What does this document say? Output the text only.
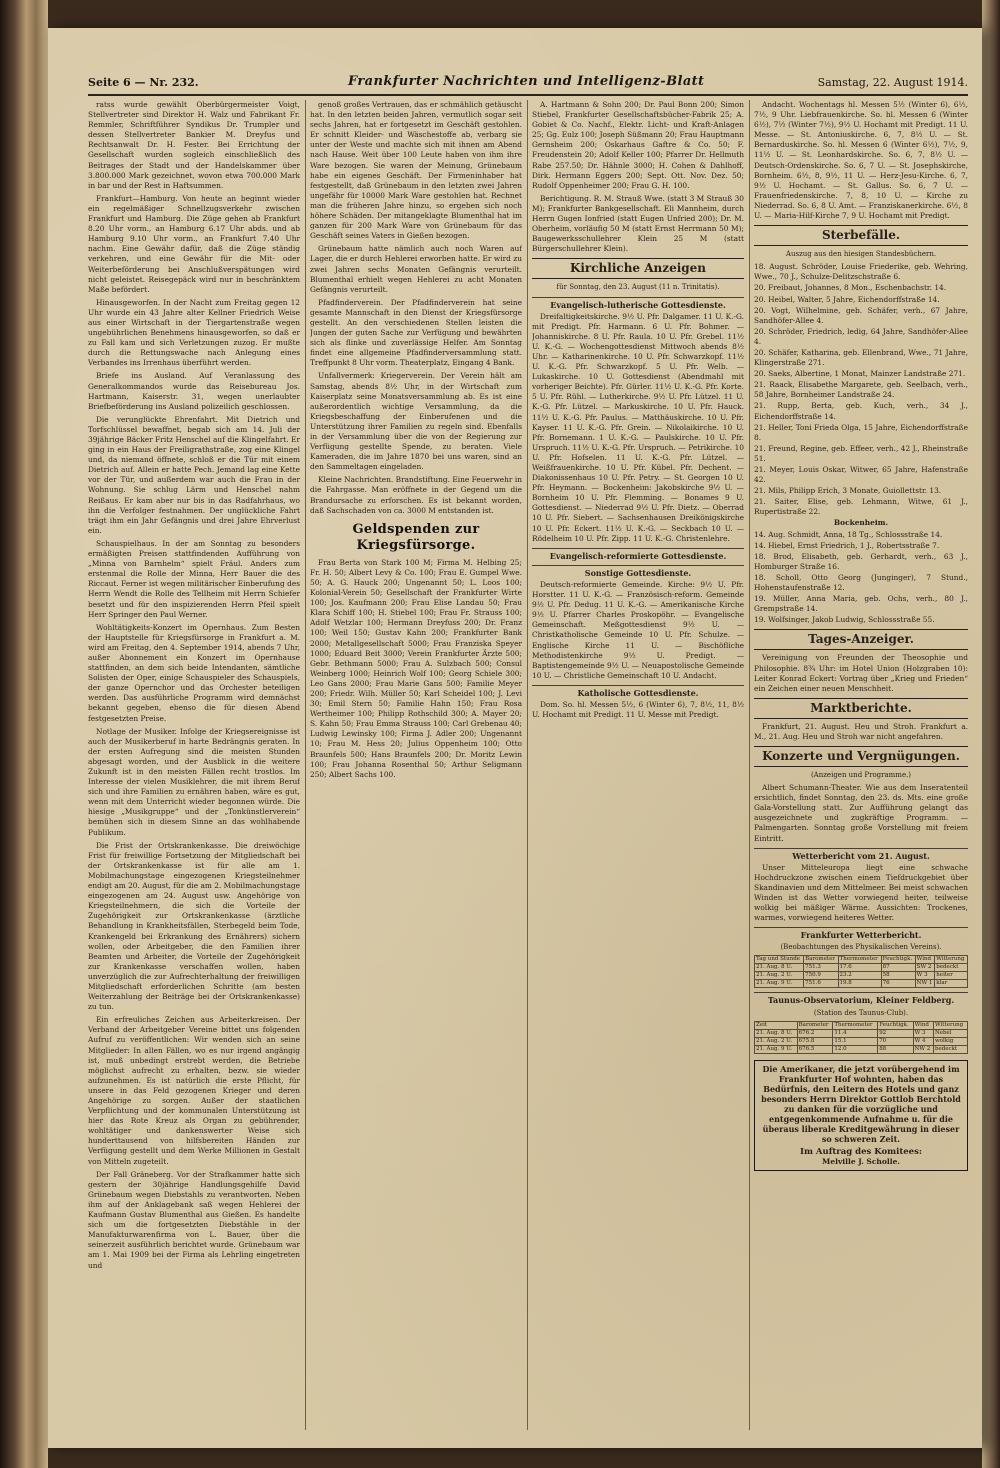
Seite 6 — Nr. 232.	Frankfurter Nachrichten und Intelligenz-Blatt	Samstag, 22. August 1914.

ratss wurde gewählt Oberbürgermeister Voigt, Stellvertreter sind Direktor H. Walz und Fabrikant Fr. Remmler, Schriftführer Syndikus Dr. Trumpler und dessen Stellvertreter Bankier M. Dreyfus und Rechtsanwalt Dr. H. Fester. Bei Errichtung der Gesellschaft wurden sogleich einschließlich des Beitrages der Stadt und der Handelskammer über 3.800.000 Mark gezeichnet, wovon etwa 700.000 Mark in bar und der Rest in Haftsummen.

Frankfurt—Hamburg. Von heute an beginnt wieder ein regelmäßiger Schnellzugsverkehr zwischen Frankfurt und Hamburg. Die Züge gehen ab Frankfurt 8.20 Uhr vorm., an Hamburg 6.17 Uhr abds. und ab Hamburg 9.10 Uhr vorm., an Frankfurt 7.40 Uhr nachm. Eine Gewähr dafür, daß die Züge ständig verkehren, und eine Gewähr für die Mit- oder Weiterbeförderung bei Anschlußverspätungen wird nicht geleistet. Reisegepäck wird nur in beschränktem Maße befördert.

Hinausgeworfen. In der Nacht zum Freitag gegen 12 Uhr wurde ein 43 Jahre alter Kellner Friedrich Weise aus einer Wirtschaft in der Tiergartenstraße wegen ungebührlichen Benehmens hinausgeworfen, so daß er zu Fall kam und sich Verletzungen zuzog. Er mußte durch die Rettungswache nach Anlegung eines Verbandes ins Irrenhaus überführt werden.

Briefe ins Ausland. Auf Veranlassung des Generalkommandos wurde das Reisebureau Jos. Hartmann, Kaiserstr. 31, wegen unerlaubter Briefbeförderung ins Ausland polizeilich geschlossen.

Die verunglückte Ehrenfahrt. Mit Dietrich und Torfschlüssel bewaffnet, begab sich am 14. Juli der 39jährige Bäcker Fritz Henschel auf die Klingelfahrt. Er ging in ein Haus der Freiligrathstraße, zog eine Klingel und, da niemand öffnete, schloß er die Tür mit einem Dietrich auf. Allein er hatte Pech. Jemand lag eine Kette vor der Tür, und außerdem war auch die Frau in der Wohnung. Sie schlug Lärm und Henschel nahm Reißaus. Er kam aber nur bis in das Radfahrhaus, wo ihn die Verfolger festnahmen. Der unglückliche Fahrt trägt ihm ein Jahr Gefängnis und drei Jahre Ehrverlust ein.

Schauspielhaus. In der am Sonntag zu besonders ermäßigten Preisen stattfindenden Aufführung von „Minna von Barnhelm“ spielt Fräul. Anders zum erstenmal die Rolle der Minna, Herr Bauer die des Riccaut. Ferner ist wegen militärischer Einberufung des Herrn Wendt die Rolle des Tellheim mit Herrn Schiefer besetzt und für den inspizierenden Herrn Pfeil spielt Herr Springer den Paul Werner.

Wohltätigkeits-Konzert im Opernhaus. Zum Besten der Hauptstelle für Kriegsfürsorge in Frankfurt a. M. wird am Freitag, den 4. September 1914, abends 7 Uhr, außer Abonnement ein Konzert im Opernhause stattfinden, an dem sich beide Intendanten, sämtliche Solisten der Oper, einige Schauspieler des Schauspiels, der ganze Opernchor und das Orchester beteiligen werden. Das ausführliche Programm wird demnächst bekannt gegeben, ebenso die für diesen Abend festgesetzten Preise.

Notlage der Musiker. Infolge der Kriegsereignisse ist auch der Musikerberuf in harte Bedrängnis geraten. In der ersten Aufregung sind die meisten Stunden abgesagt worden, und der Ausblick in die weitere Zukunft ist in den meisten Fällen recht trostlos. Im Interesse der vielen Musiklehrer, die mit ihrem Beruf sich und ihre Familien zu ernähren haben, wäre es gut, wenn mit dem Unterricht wieder begonnen würde. Die hiesige „Musikgruppe“ und der „Tonkünstlerverein“ bemühen sich in diesem Sinne an das wohlhabende Publikum.

Die Frist der Ortskrankenkasse. Die dreiwöchige Frist für freiwillige Fortsetzung der Mitgliedschaft bei der Ortskrankenkasse ist für alle am 1. Mobilmachungstage eingezogenen Kriegsteilnehmer endigt am 20. August, für die am 2. Mobilmachungstage eingezogenen am 24. August usw. Angehörige von Kriegsteilnehmern, die sich die Vorteile der Zugehörigkeit zur Ortskrankenkasse (ärztliche Behandlung in Krankheitsfällen, Sterbegeld beim Tode, Krankengeld bei Erkrankung des Ernährers) sichern wollen, oder Arbeitgeber, die den Familien ihrer Beamten und Arbeiter, die Vorteile der Zugehörigkeit zur Krankenkasse verschaffen wollen, haben unverzüglich die zur Aufrechterhaltung der freiwilligen Mitgliedschaft erforderlichen Schritte (am besten Weiterzahlung der Beiträge bei der Ortskrankenkasse) zu tun.

Ein erfreuliches Zeichen aus Arbeiterkreisen. Der Verband der Arbeitgeber Vereine bittet uns folgenden Aufruf zu veröffentlichen: Wir wenden sich an seine Mitglieder: In allen Fällen, wo es nur irgend angängig ist, muß unbedingt erstrebt werden, die Betriebe möglichst aufrecht zu erhalten, bezw. sie wieder aufzunehmen. Es ist natürlich die erste Pflicht, für unsere in das Feld gezogenen Krieger und deren Angehörige zu sorgen. Außer der staatlichen Verpflichtung und der kommunalen Unterstützung ist hier das Rote Kreuz als Organ zu gebührender, wohltätiger und dankenswerter Weise sich hunderttausend von hilfsbereiten Händen zur Verfügung gestellt und dem Werke Millionen in Gestalt von Mitteln zugeteilt.

Der Fall Gräneberg. Vor der Strafkammer hatte sich gestern der 30jährige Handlungsgehilfe David Grünebaum wegen Diebstahls zu verantworten. Neben ihm auf der Anklagebank saß wegen Hehlerei der Kaufmann Gustav Blumenthal aus Gießen. Es handelte sich um die fortgesetzten Diebstähle in der Manufakturwarenfirma von L. Bauer, über die seinerzeit ausführlich berichtet wurde. Grünebaum war am 1. Mai 1909 bei der Firma als Lehrling eingetreten und

genoß großes Vertrauen, das er schmählich getäuscht hat. In den letzten beiden Jahren, vermutlich sogar seit sechs Jahren, hat er fortgesetzt im Geschäft gestohlen. Er schnitt Kleider- und Wäschestoffe ab, verbarg sie unter der Weste und machte sich mit ihnen am Abend nach Hause. Weit über 100 Leute haben von ihm ihre Ware bezogen. Sie waren der Meinung, Grünebaum habe ein eigenes Geschäft. Der Firmeninhaber hat festgestellt, daß Grünebaum in den letzten zwei Jahren ungefähr für 10000 Mark Ware gestohlen hat. Rechnet man die früheren Jahre hinzu, so ergeben sich noch höhere Schäden. Der mitangeklagte Blumenthal hat im ganzen für 200 Mark Ware von Grünebaum für das Geschäft seines Vaters in Gießen bezogen.

Grünebaum hatte nämlich auch noch Waren auf Lager, die er durch Hehlerei erworben hatte. Er wird zu zwei Jahren sechs Monaten Gefängnis verurteilt. Blumenthal erhielt wegen Hehlerei zu acht Monaten Gefängnis verurteilt.

Pfadfinderverein. Der Pfadfinderverein hat seine gesamte Mannschaft in den Dienst der Kriegsfürsorge gestellt. An den verschiedenen Stellen leisten die Jungen der guten Sache zur Verfügung und bewährten sich als flinke und zuverlässige Helfer. Am Sonntag findet eine allgemeine Pfadfinderversammlung statt. Treffpunkt 8 Uhr vorm. Theaterplatz, Eingang 4 Bank.

Unfallvermerk: Kriegerverein. Der Verein hält am Samstag, abends 8½ Uhr, in der Wirtschaft zum Kaiserplatz seine Monatsversammlung ab. Es ist eine außerordentlich wichtige Versammlung, da die Kriegsbeschaffung der Einberufenen und die Unterstützung ihrer Familien zu regeln sind. Ebenfalls in der Versammlung über die von der Regierung zur Verfügung gestellte Spende, zu beraten. Viele Kameraden, die im Jahre 1870 bei uns waren, sind an den Sammeltagen eingeladen.

Kleine Nachrichten. Brandstiftung. Eine Feuerwehr in die Fahrgasse. Man eröffnete in der Gegend um die Brandursache zu erforschen. Es ist bekannt worden, daß Sachschaden von ca. 3000 M entstanden ist.

Geldspenden zur Kriegsfürsorge.

Frau Berta von Stark 100 M; Firma M. Helbing 25; Fr. H. 50; Albert Levy & Co. 100; Frau E. Gumpel Wwe. 50; A. G. Hauck 200; Ungenannt 50; L. Loos 100; Kolonial-Verein 50; Gesellschaft der Frankfurter Wirte 100; Jos. Kaufmann 200; Frau Elise Landau 50; Frau Klara Schiff 100; H. Stiebel 100; Frau Fr. Strauss 100; Adolf Wetzlar 100; Hermann Dreyfuss 200; Dr. Franz 100; Weil 150; Gustav Kahn 200; Frankfurter Bank 2000; Metallgesellschaft 5000; Frau Franziska Speyer 1000; Eduard Beit 3000; Verein Frankfurter Ärzte 500; Gebr. Bethmann 5000; Frau A. Sulzbach 500; Consul Weinberg 1000; Heinrich Wolf 100; Georg Schiele 300; Leo Gans 2000; Frau Marie Gans 500; Familie Meyer 200; Friedr. Wilh. Müller 50; Karl Scheidel 100; J. Levi 30; Emil Stern 50; Familie Hahn 150; Frau Rosa Wertheimer 100; Philipp Rothschild 300; A. Mayer 20; S. Kahn 50; Frau Emma Strauss 100; Carl Grebenau 40; Ludwig Lewinsky 100; Firma J. Adler 200; Ungenannt 10; Frau M. Hess 20; Julius Oppenheim 100; Otto Braunfels 500; Hans Braunfels 200; Dr. Moritz Lewin 100; Frau Johanna Rosenthal 50; Arthur Seligmann 250; Albert Sachs 100.

A. Hartmann & Sohn 200; Dr. Paul Bonn 200; Simon Stiebel, Frankfurter Gesellschaftsbücher-Fabrik 25; A. Gobiet & Co. Nachf., Elektr. Licht- und Kraft-Anlagen 25; Gg. Eulz 100; Joseph Süßmann 20; Frau Hauptmann Gernsheim 200; Oskarhaus Gaftre & Co. 50; F. Freudenstein 20; Adolf Keller 100; Pfarrer Dr. Hellmuth Rabe 257.50; Dr. Hähnle 3000; H. Cohen & Dahlhoff, Dirk. Hermann Eggers 200; Sept. Ott. Nov. Dez. 50; Rudolf Oppenheimer 200; Frau G. H. 100.

Berichtigung. R. M. Strauß Wwe. (statt 3 M Strauß 30 M); Frankfurter Bankgesellschaft. Eli Mannheim, durch Herrn Gugen Ionfried (statt Eugen Unfried 200); Dr. M. Oberheim, vorläufig 50 M (statt Ernst Herrmann 50 M); Baugewerksschullehrer Klein 25 M (statt Bürgerschullehrer Klein).

Kirchliche Anzeigen
für Sonntag, den 23. August (11 n. Trinitatis).
Evangelisch-lutherische Gottesdienste.

Dreifaltigkeitskirche. 9½ U. Pfr. Dalgamer. 11 U. K.-G. mit Predigt. Pfr. Harmann. 6 U. Pfr. Bohmer. — Johanniskirche. 8 U. Pfr. Raula. 10 U. Pfr. Grebel. 11½ U. K.-G. — Wochengottesdienst Mittwoch abends 8½ Uhr. — Katharinenkirche. 10 U. Pfr. Schwarzkopf. 11½ U. K.-G. Pfr. Schwarzkopf. 5 U. Pfr. Welb. — Lukaskirche. 10 U. Gottesdienst (Abendmahl mit vorheriger Beichte). Pfr. Gürler. 11½ U. K.-G. Pfr. Korte. 5 U. Pfr. Rühl. — Lutherkirche. 9½ U. Pfr. Lützel. 11 U. K.-G. Pfr. Lützel. — Markuskirche. 10 U. Pfr. Hauck. 11½ U. K.-G. Pfr. Paulus. — Matthäuskirche. 10 U. Pfr. Kayser. 11 U. K.-G. Pfr. Grein. — Nikolaikirche. 10 U. Pfr. Bornemann. 1 U. K.-G. — Paulskirche. 10 U. Pfr. Urspruch. 11½ U. K.-G. Pfr. Urspruch. — Petrikirche. 10 U. Pfr. Hofselen. 11 U. K.-G. Pfr. Lützel. — Weißfrauenkirche. 10 U. Pfr. Kübel. Pfr. Dechent. — Diakonissenhaus 10 U. Pfr. Petry. — St. Georgen 10 U. Pfr. Heymann. — Bockenheim: Jakobskirche 9½ U. — Bornheim 10 U. Pfr. Flemming. — Bonames 9 U. Gottesdienst. — Niederrad 9½ U. Pfr. Dietz. — Oberrad 10 U. Pfr. Siebert. — Sachsenhausen Dreikönigskirche 10 U. Pfr. Eckert. 11½ U. K.-G. — Seckbach 10 U. — Rödelheim 10 U. Pfr. Zipp. 11 U. K.-G. Christenlehre.

Evangelisch-reformierte Gottesdienste.
Sonstige Gottesdienste.

Deutsch-reformierte Gemeinde. Kirche: 9½ U. Pfr. Horstter. 11 U. K.-G. — Französisch-reform. Gemeinde 9½ U. Pfr. Dedug. 11 U. K.-G. — Amerikanische Kirche 9½ U. Pfarrer Charles Proskopöhr. — Evangelische Gemeinschaft. Meßgottesdienst 9½ U. — Christkatholische Gemeinde 10 U. Pfr. Schulze. — Englische Kirche 11 U. — Bischöfliche Methodistenkirche 9½ U. Predigt. — Baptistengemeinde 9½ U. — Neuapostolische Gemeinde 10 U. — Christliche Gemeinschaft 10 U. Andacht.

Katholische Gottesdienste.

Dom. So. hl. Messen 5½, 6 (Winter 6), 7, 8½, 11, 8½ U. Hochamt mit Predigt. 11 U. Messe mit Predigt.

Andacht. Wochentags hl. Messen 5½ (Winter 6), 6½, 7½, 9 Uhr. Liebfrauenkirche. So. hl. Messen 6 (Winter 6½), 7½ (Winter 7½), 9½ U. Hochamt mit Predigt. 11 U. Messe. — St. Antoniuskirche. 6, 7, 8½ U. — St. Bernarduskirche. So. hl. Messen 6 (Winter 6½), 7½, 9, 11½ U. — St. Leonhardskirche. So. 6, 7, 8½ U. — Deutsch-Ordenskirche. So. 6, 7 U. — St. Josephskirche, Bornheim. 6½, 8, 9½, 11 U. — Herz-Jesu-Kirche. 6, 7, 9½ U. Hochamt. — St. Gallus. So. 6, 7 U. — Frauenfriedenskirche. 7, 8, 10 U. — Kirche zu Niederrad. So. 6, 8 U. Amt. — Franziskanerkirche. 6½, 8 U. — Maria-Hilf-Kirche 7, 9 U. Hochamt mit Predigt.

Sterbefälle.
Auszug aus den hiesigen Standesbüchern.
18. August. Schröder, Louise Friederike, geb. Wehring, Wwe., 70 J., Schulze-Delitzschstraße 6.
20. Freibaut, Johannes, 8 Mon., Eschenbachstr. 14.
20. Heibel, Walter, 5 Jahre, Eichendorffstraße 14.
20. Vogt, Wilhelmine, geb. Schäfer, verh., 67 Jahre, Sandhöfer-Allee 4.
20. Schröder, Friedrich, ledig, 64 Jahre, Sandhöfer-Allee 4.
20. Schäfer, Katharina, geb. Ellenbrand, Wwe., 71 Jahre, Klingerstraße 271.
20. Saeks, Albertine, 1 Monat, Mainzer Landstraße 271.
21. Raack, Elisabethe Margarete, geb. Seelbach, verh., 58 Jahre, Bornheimer Landstraße 24.
21. Rupp, Berta, geb. Kuch, verh., 34 J., Eichendorffstraße 14.
21. Heller, Toni Frieda Olga, 15 Jahre, Eichendorffstraße 8.
21. Freund, Regine, geb. Effeer, verh., 42 J., Rheinstraße 51.
21. Meyer, Louis Oskar, Witwer, 65 Jahre, Hafenstraße 42.
21. Mils, Philipp Erich, 3 Monate, Guiollettstr. 13.
21. Saiter, Elise, geb. Lehmann, Witwe, 61 J., Rupertistraße 22.
Bockenheim.
14. Aug. Schmidt, Anna, 18 Tg., Schlossstraße 14.
14. Hiebel, Ernst Friedrich, 1 J., Robertsstraße 7.
18. Brod, Elisabeth, geb. Gerhardt, verh., 63 J., Homburger Straße 16.
18. Scholl, Otto Georg (Junginger), 7 Stund., Hohenstaufenstraße 12.
19. Müller, Anna Maria, geb. Ochs, verh., 80 J., Grempstraße 14.
19. Wolfsinger, Jakob Ludwig, Schlossstraße 55.
Tages-Anzeiger.

Vereinigung von Freunden der Theosophie und Philosophie. 8¾ Uhr: im Hotel Union (Holzgraben 10): Leiter Konrad Eckert: Vortrag über „Krieg und Frieden“ ein Zeichen einer neuen Menschheit.

Marktberichte.

Frankfurt, 21. August. Heu und Stroh. Frankfurt a. M., 21. Aug. Heu und Stroh war nicht angefahren.

Konzerte und Vergnügungen.
(Anzeigen und Programme.)

Albert Schumann-Theater. Wie aus dem Inseratenteil ersichtlich, findet Sonntag, den 23. ds. Mts. eine große Gala-Vorstellung statt. Zur Aufführung gelangt das ausgezeichnete und zugkräftige Programm. — Palmengarten. Sonntag große Vorstellung mit freiem Eintritt.

Wetterbericht vom 21. August.

Unser Mitteleuropa liegt eine schwache Hochdruckzone zwischen einem Tiefdruckgebiet über Skandinavien und dem Mittelmeer. Bei meist schwachen Winden ist das Wetter vorwiegend heiter, teilweise wolkig bei mäßiger Wärme. Aussichten: Trockenes, warmes, vorwiegend heiteres Wetter.

Frankfurter Wetterbericht.
(Beobachtungen des Physikalischen Vereins).
Tag und Stunde	Barometer	Thermometer	Feuchtigk.	Wind	Witterung
21. Aug. 8 U.	751.3	17.6	87	SW 2	bedeckt
21. Aug. 2 U.	750.9	23.2	58	W 3	heiter
21. Aug. 9 U.	751.6	19.8	76	NW 1	klar
Taunus-Observatorium, Kleiner Feldberg.
(Station des Taunus-Club).
Zeit	Barometer	Thermometer	Feuchtigk.	Wind	Witterung
21. Aug. 8 U.	676.2	11.4	92	W 3	Nebel
21. Aug. 2 U.	675.8	15.1	70	W 4	wolkig
21. Aug. 9 U.	676.5	12.0	88	NW 2	bedeckt
Die Amerikaner, die jetzt vorübergehend im Frankfurter Hof wohnten, haben das Bedürfnis, den Leitern des Hotels und ganz besonders Herrn Direktor Gottlob Berchtold zu danken für die vorzügliche und entgegenkommende Aufnahme u. für die überaus liberale Kreditgewährung in dieser so schweren Zeit.
Im Auftrag des Komitees:
Melville J. Scholle.
